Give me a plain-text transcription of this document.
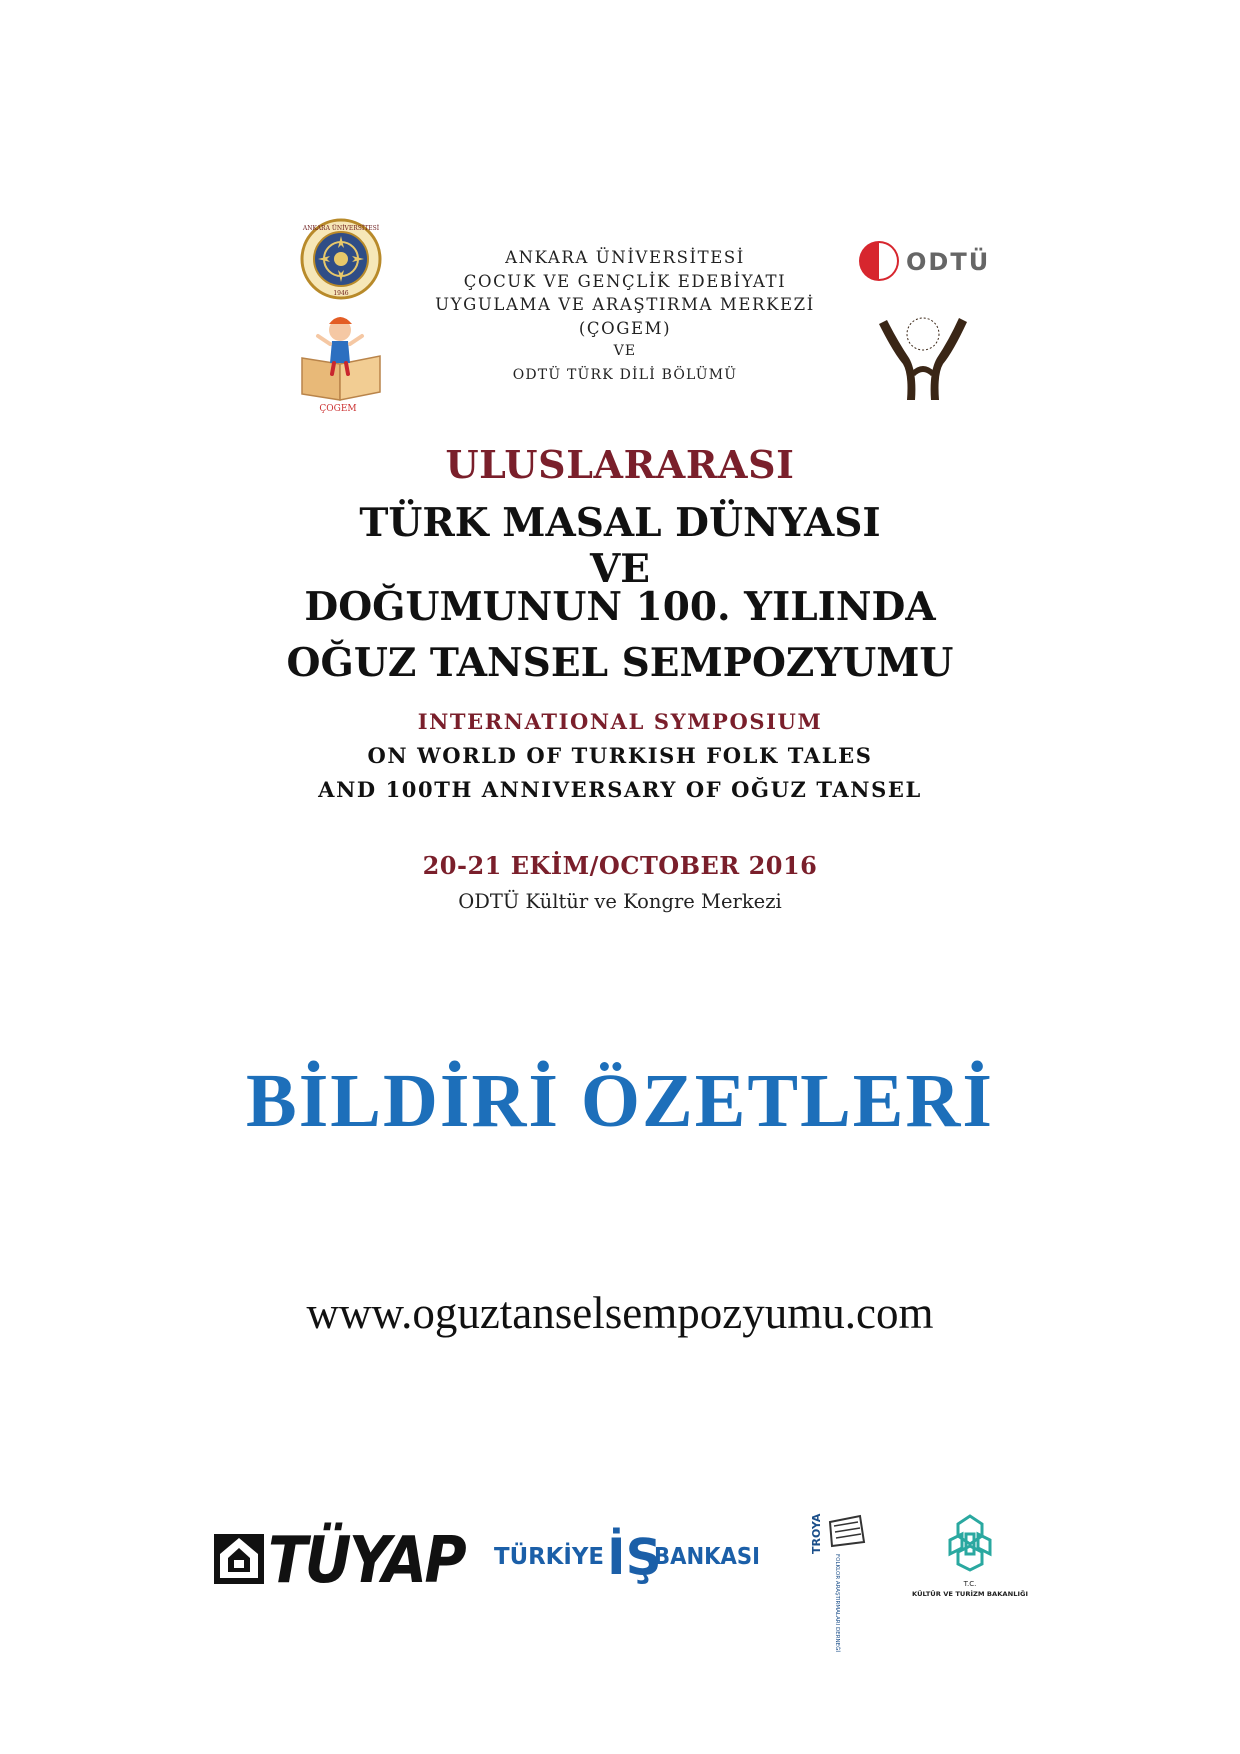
ANKARA ÜNİVERSİTESİ
1946
ÇOGEM
ANKARA ÜNİVERSİTESİ
ÇOCUK VE GENÇLİK EDEBİYATI
UYGULAMA VE ARAŞTIRMA MERKEZİ
(ÇOGEM)
VE
ODTÜ TÜRK DİLİ BÖLÜMÜ
ODTÜ
ULUSLARARASI
TÜRK MASAL DÜNYASI
VE
DOĞUMUNUN 100. YILINDA
OĞUZ TANSEL SEMPOZYUMU
INTERNATIONAL SYMPOSIUM
ON WORLD OF TURKISH FOLK TALES
AND 100TH ANNIVERSARY OF OĞUZ TANSEL
20-21 EKİM/OCTOBER 2016
ODTÜ Kültür ve Kongre Merkezi
BİLDİRİ ÖZETLERİ
www.oguztanselsempozyumu.com
TÜYAP TÜRKİYE İŞ
BANKASI
TROYA
FOLKLOR ARAŞTIRMALARI DERNEĞİ	T.C.
KÜLTÜR VE TURİZM BAKANLIĞI
